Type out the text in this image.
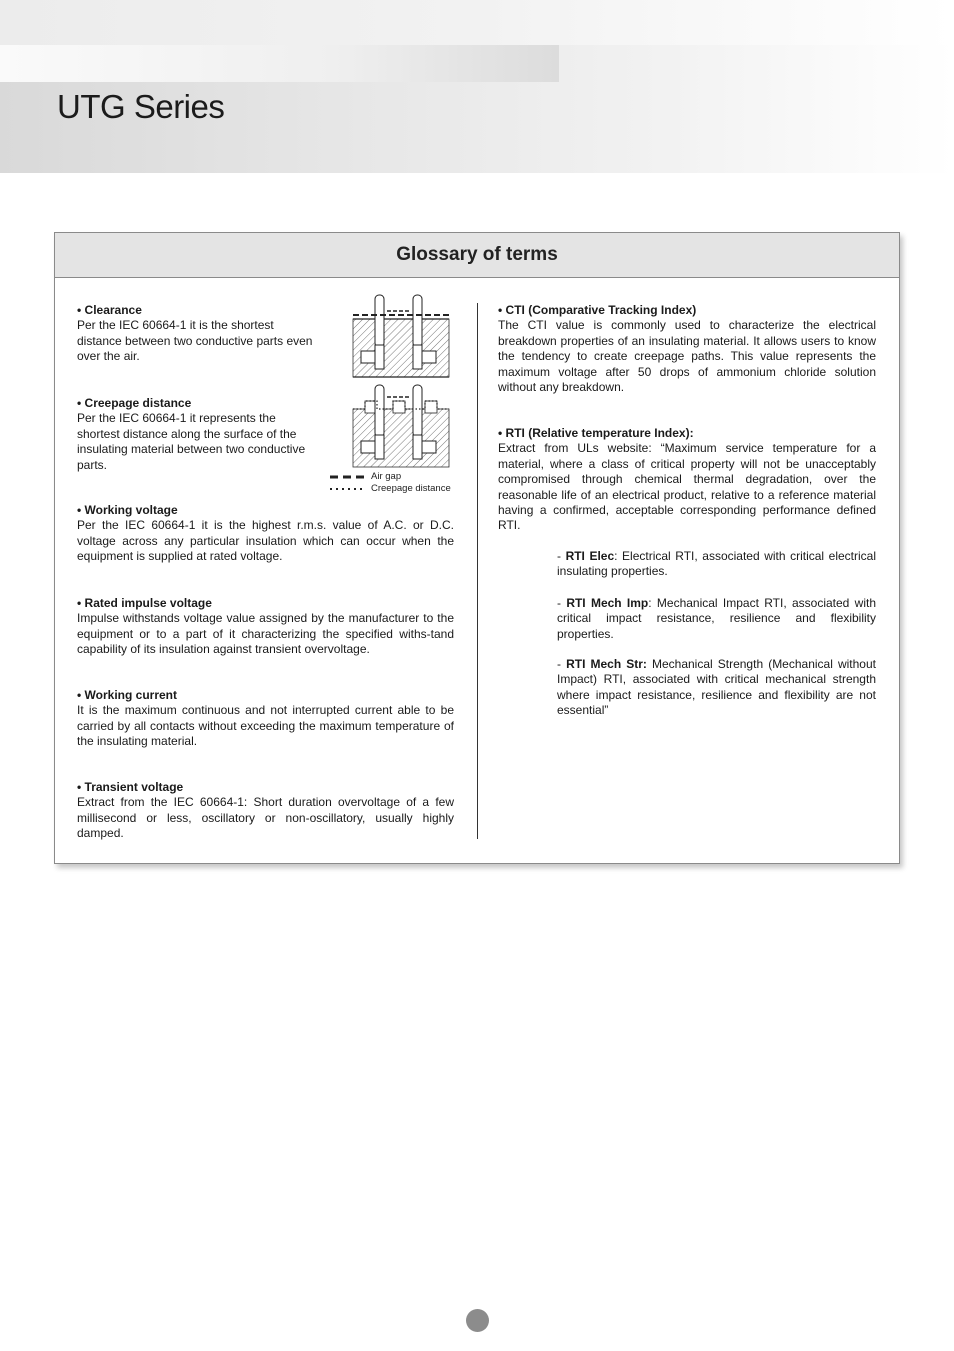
UTG Series
Glossary of terms
• Clearance
Per the IEC 60664-1 it is the shortest distance between two conductive parts even over the air.
• Creepage distance
Per the IEC 60664-1 it represents the shortest distance along the surface of the insulating material between two conductive parts.
• Working voltage
Per the IEC 60664-1 it is the highest r.m.s. value of A.C. or D.C. voltage across any particular insulation which can occur when the equipment is supplied at rated voltage.
• Rated impulse voltage
Impulse withstands voltage value assigned by the manufacturer to the equipment or to a part of it characterizing the specified withs-tand capability of its insulation against transient overvoltage.
• Working current
It is the maximum continuous and not interrupted current able to be carried by all contacts without exceeding the maximum temperature of the insulating material.
• Transient voltage
Extract from the IEC 60664-1: Short duration overvoltage of a few millisecond or less, oscillatory or non-oscillatory, usually highly damped.
Air gap
Creepage distance
• CTI (Comparative Tracking Index)
The CTI value is commonly used to characterize the electrical breakdown properties of an insulating material. It allows users to know the tendency to create creepage paths. This value represents the maximum voltage after 50 drops of ammonium chloride solution without any breakdown.
• RTI (Relative temperature Index):
Extract from ULs website: “Maximum service temperature for a material, where a class of critical property will not be unacceptably compromised through chemical thermal degradation, over the reasonable life of an electrical product, relative to a reference material having a confirmed, acceptable corresponding performance defined RTI.
- RTI Elec: Electrical RTI, associated with critical electrical insulating properties.
- RTI Mech Imp: Mechanical Impact RTI, associated with critical impact resistance, resilience and flexibility properties.
- RTI Mech Str: Mechanical Strength (Mechanical without Impact) RTI, associated with critical mechanical strength where impact resistance, resilience and flexibility are not essential”
